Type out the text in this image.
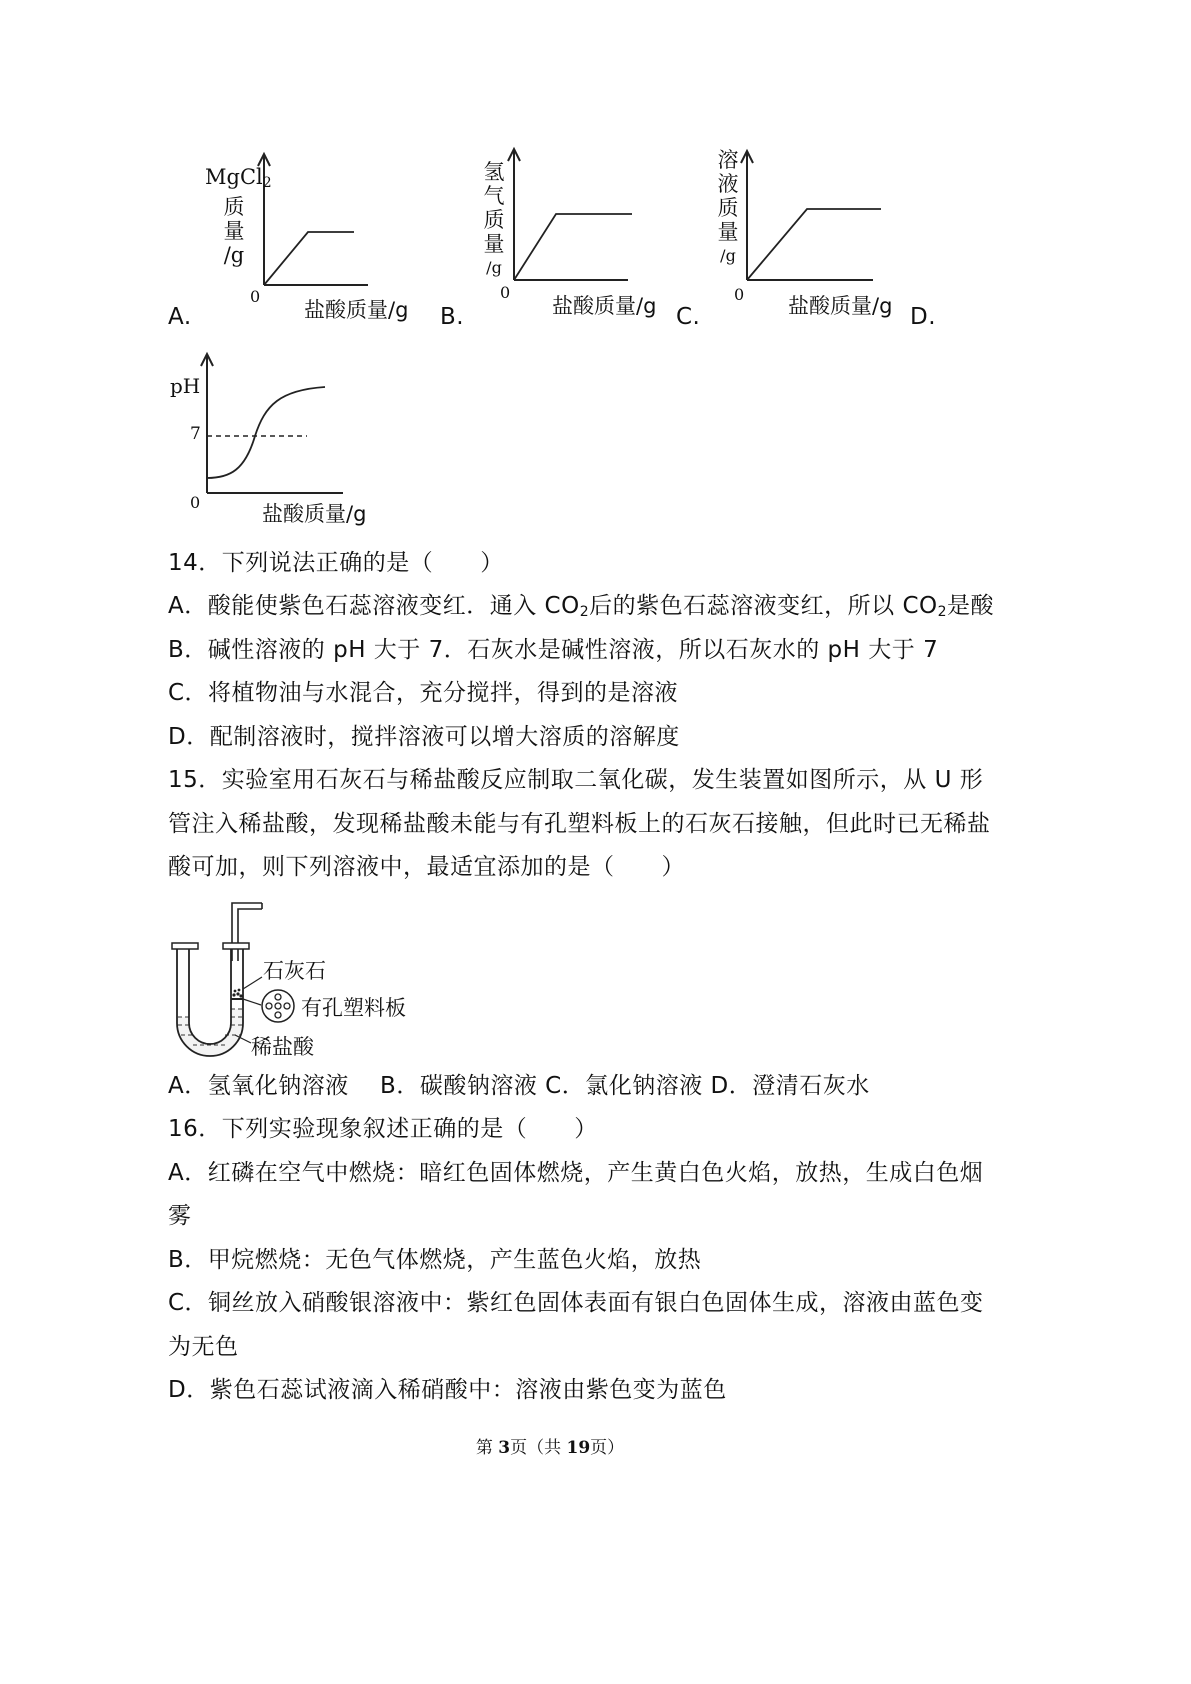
MgCl$_2$
质
量
/g
0
盐酸质量/g
A.
氢
气
质
量
/g
0
盐酸质量/g
B.
溶
液
质
量
/g
0 盐酸质量/g
C.	D.
pH
7
0	盐酸质量/g
14．下列说法正确的是（　　）
A．酸能使紫色石蕊溶液变红．通入 $CO_2$后的紫色石蕊溶液变红，所以 $CO_2$是酸
B．碱性溶液的 pH 大于 7．石灰水是碱性溶液，所以石灰水的 pH 大于 7
C．将植物油与水混合，充分搅拌，得到的是溶液
D．配制溶液时，搅拌溶液可以增大溶质的溶解度
15．实验室用石灰石与稀盐酸反应制取二氧化碳，发生装置如图所示，从 U 形
管注入稀盐酸，发现稀盐酸未能与有孔塑料板上的石灰石接触，但此时已无稀盐
酸可加，则下列溶液中，最适宜添加的是（　　）
石灰石
有孔塑料板
稀盐酸
A．氢氧化钠溶液　 B．碳酸钠溶液 C．氯化钠溶液 D．澄清石灰水
16．下列实验现象叙述正确的是（　　）
A．红磷在空气中燃烧：暗红色固体燃烧，产生黄白色火焰，放热，生成白色烟
雾
B．甲烷燃烧：无色气体燃烧，产生蓝色火焰，放热
C．铜丝放入硝酸银溶液中：紫红色固体表面有银白色固体生成，溶液由蓝色变
为无色
D．紫色石蕊试液滴入稀硝酸中：溶液由紫色变为蓝色
第 3页（共 19页）
